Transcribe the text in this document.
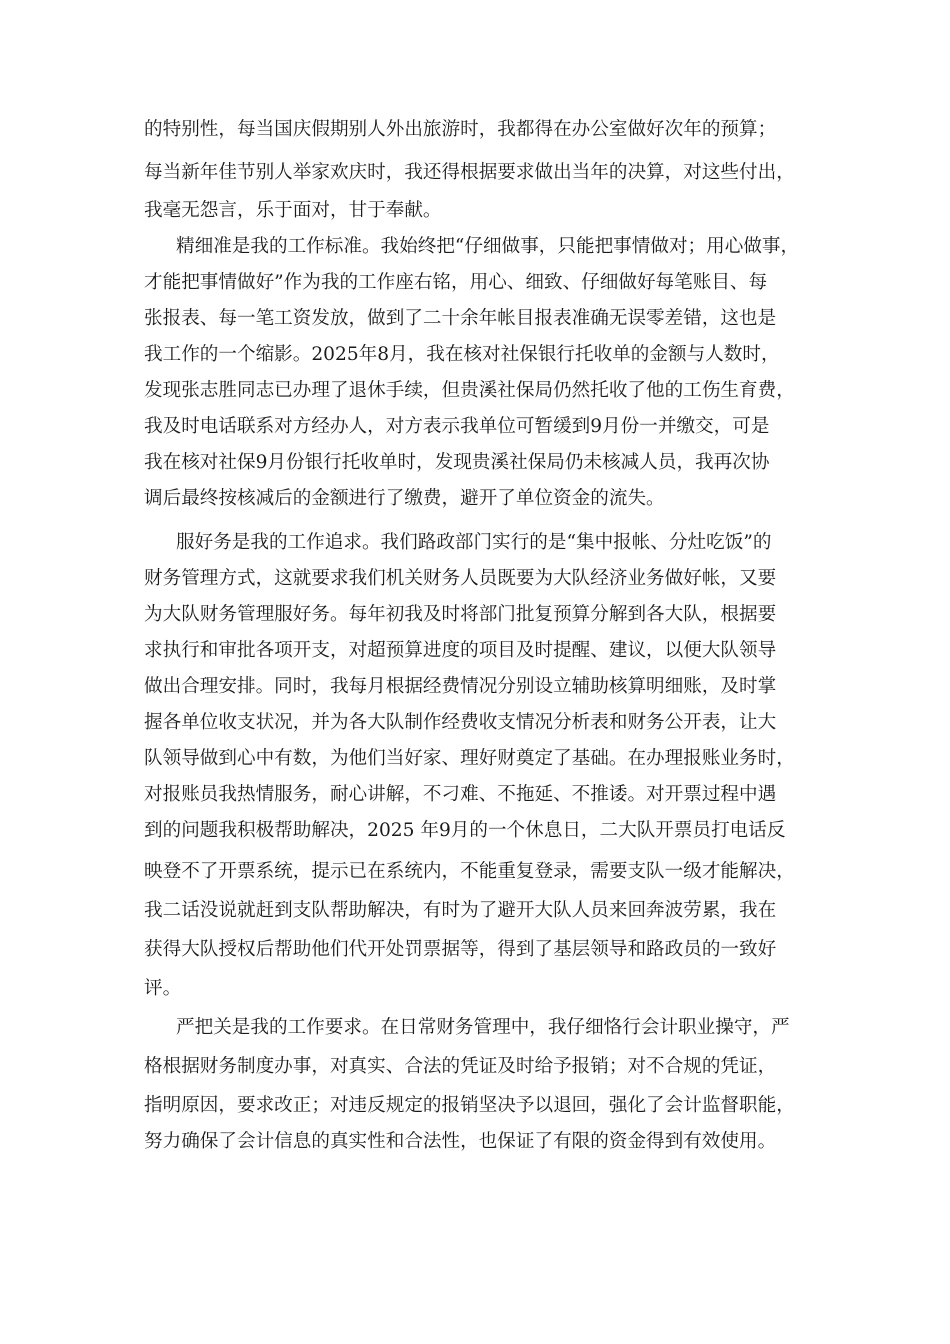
的特别性，每当国庆假期别人外出旅游时，我都得在办公室做好次年的预算；
每当新年佳节别人举家欢庆时，我还得根据要求做出当年的决算，对这些付出，
我毫无怨言，乐于面对，甘于奉献。
精细准是我的工作标准。我始终把“仔细做事，只能把事情做对；用心做事，
才能把事情做好”作为我的工作座右铭，用心、细致、仔细做好每笔账目、每
张报表、每一笔工资发放，做到了二十余年帐目报表准确无误零差错，这也是
我工作的一个缩影。2025年8月，我在核对社保银行托收单的金额与人数时，
发现张志胜同志已办理了退休手续，但贵溪社保局仍然托收了他的工伤生育费，
我及时电话联系对方经办人，对方表示我单位可暂缓到9月份一并缴交，可是
我在核对社保9月份银行托收单时，发现贵溪社保局仍未核减人员，我再次协
调后最终按核减后的金额进行了缴费，避开了单位资金的流失。
服好务是我的工作追求。我们路政部门实行的是“集中报帐、分灶吃饭”的
财务管理方式，这就要求我们机关财务人员既要为大队经济业务做好帐，又要
为大队财务管理服好务。每年初我及时将部门批复预算分解到各大队，根据要
求执行和审批各项开支，对超预算进度的项目及时提醒、建议，以便大队领导
做出合理安排。同时，我每月根据经费情况分别设立辅助核算明细账，及时掌
握各单位收支状况，并为各大队制作经费收支情况分析表和财务公开表，让大
队领导做到心中有数，为他们当好家、理好财奠定了基础。在办理报账业务时，
对报账员我热情服务，耐心讲解，不刁难、不拖延、不推诿。对开票过程中遇
到的问题我积极帮助解决，2025 年9月的一个休息日，二大队开票员打电话反
映登不了开票系统，提示已在系统内，不能重复登录，需要支队一级才能解决，
我二话没说就赶到支队帮助解决，有时为了避开大队人员来回奔波劳累，我在
获得大队授权后帮助他们代开处罚票据等，得到了基层领导和路政员的一致好
评。
严把关是我的工作要求。在日常财务管理中，我仔细恪行会计职业操守，严
格根据财务制度办事，对真实、合法的凭证及时给予报销；对不合规的凭证，
指明原因，要求改正；对违反规定的报销坚决予以退回，强化了会计监督职能，
努力确保了会计信息的真实性和合法性，也保证了有限的资金得到有效使用。
